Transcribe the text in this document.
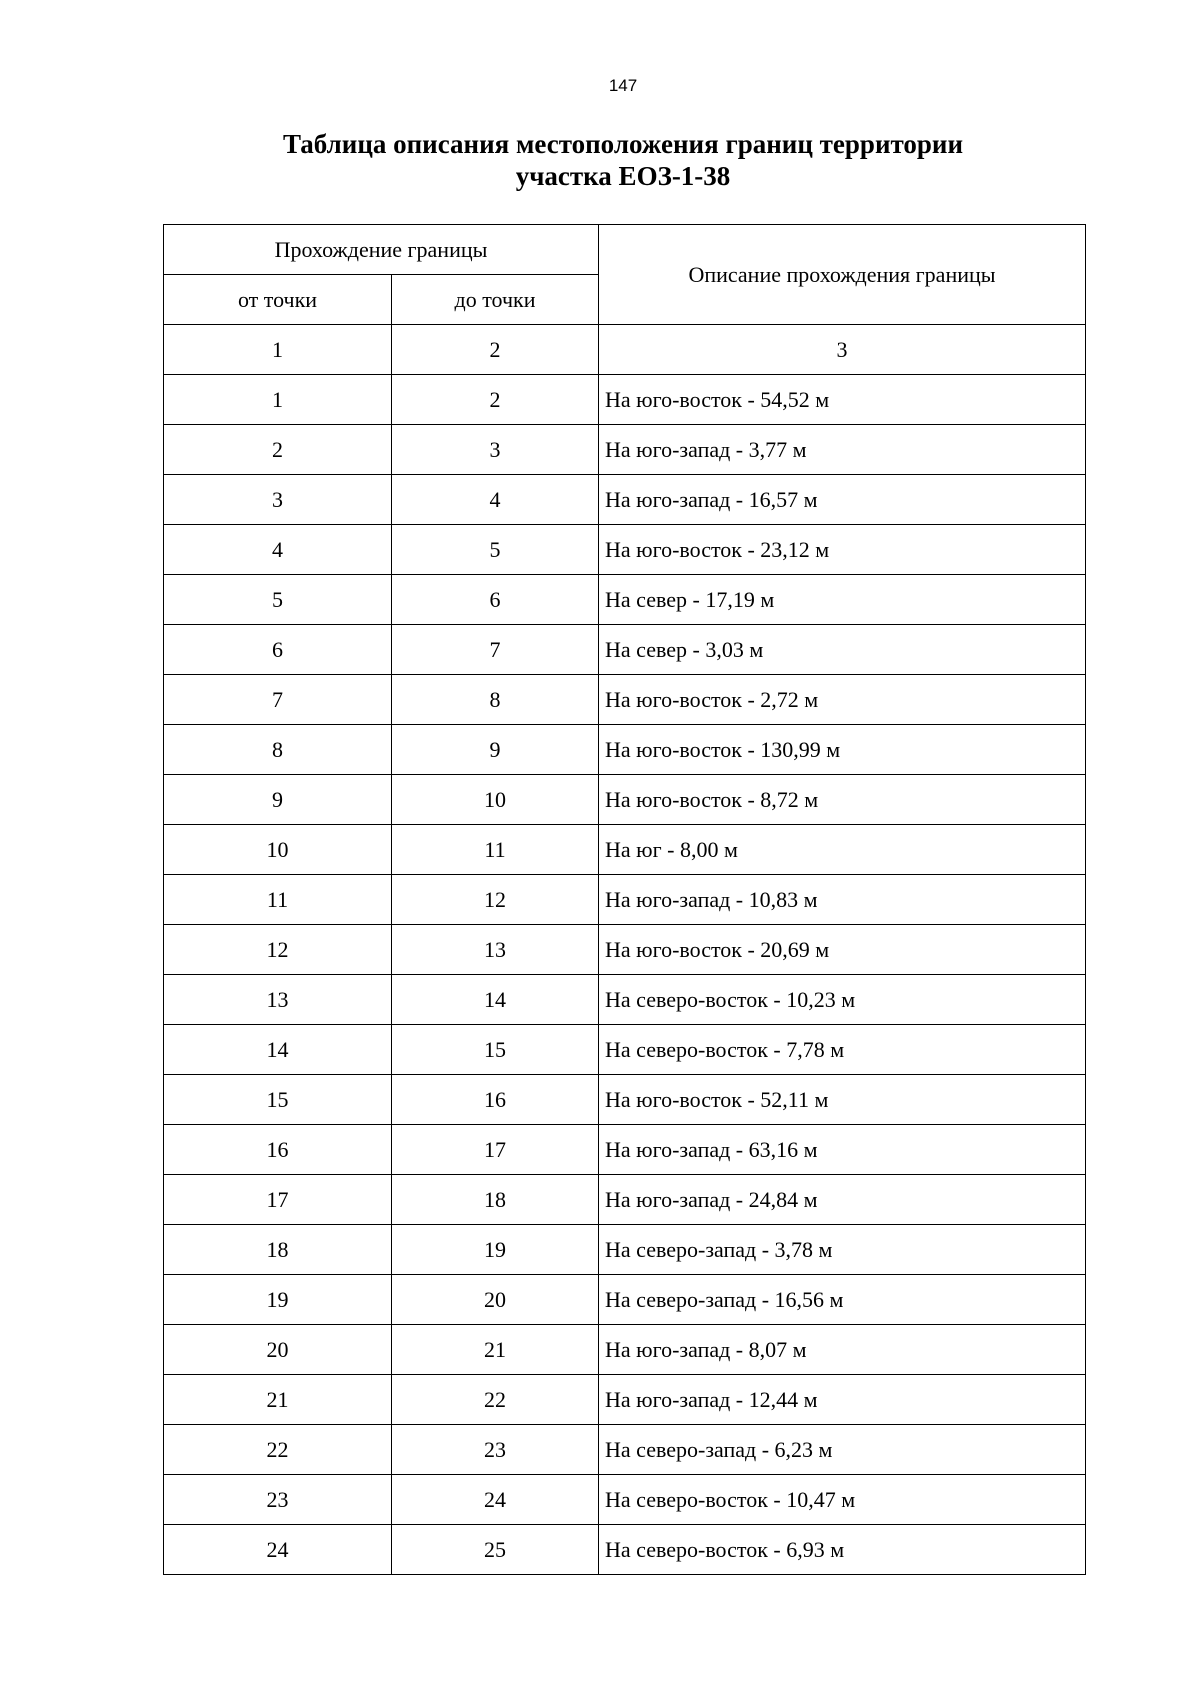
147
Таблица описания местоположения границ территории
участка ЕОЗ-1-38
Прохождение границы		Описание прохождения границы
от точки	до точки	
1	2	3
1	2	На юго-восток - 54,52 м
2	3	На юго-запад - 3,77 м
3	4	На юго-запад - 16,57 м
4	5	На юго-восток - 23,12 м
5	6	На север - 17,19 м
6	7	На север - 3,03 м
7	8	На юго-восток - 2,72 м
8	9	На юго-восток - 130,99 м
9	10	На юго-восток - 8,72 м
10	11	На юг - 8,00 м
11	12	На юго-запад - 10,83 м
12	13	На юго-восток - 20,69 м
13	14	На северо-восток - 10,23 м
14	15	На северо-восток - 7,78 м
15	16	На юго-восток - 52,11 м
16	17	На юго-запад - 63,16 м
17	18	На юго-запад - 24,84 м
18	19	На северо-запад - 3,78 м
19	20	На северо-запад - 16,56 м
20	21	На юго-запад - 8,07 м
21	22	На юго-запад - 12,44 м
22	23	На северо-запад - 6,23 м
23	24	На северо-восток - 10,47 м
24	25	На северо-восток - 6,93 м
